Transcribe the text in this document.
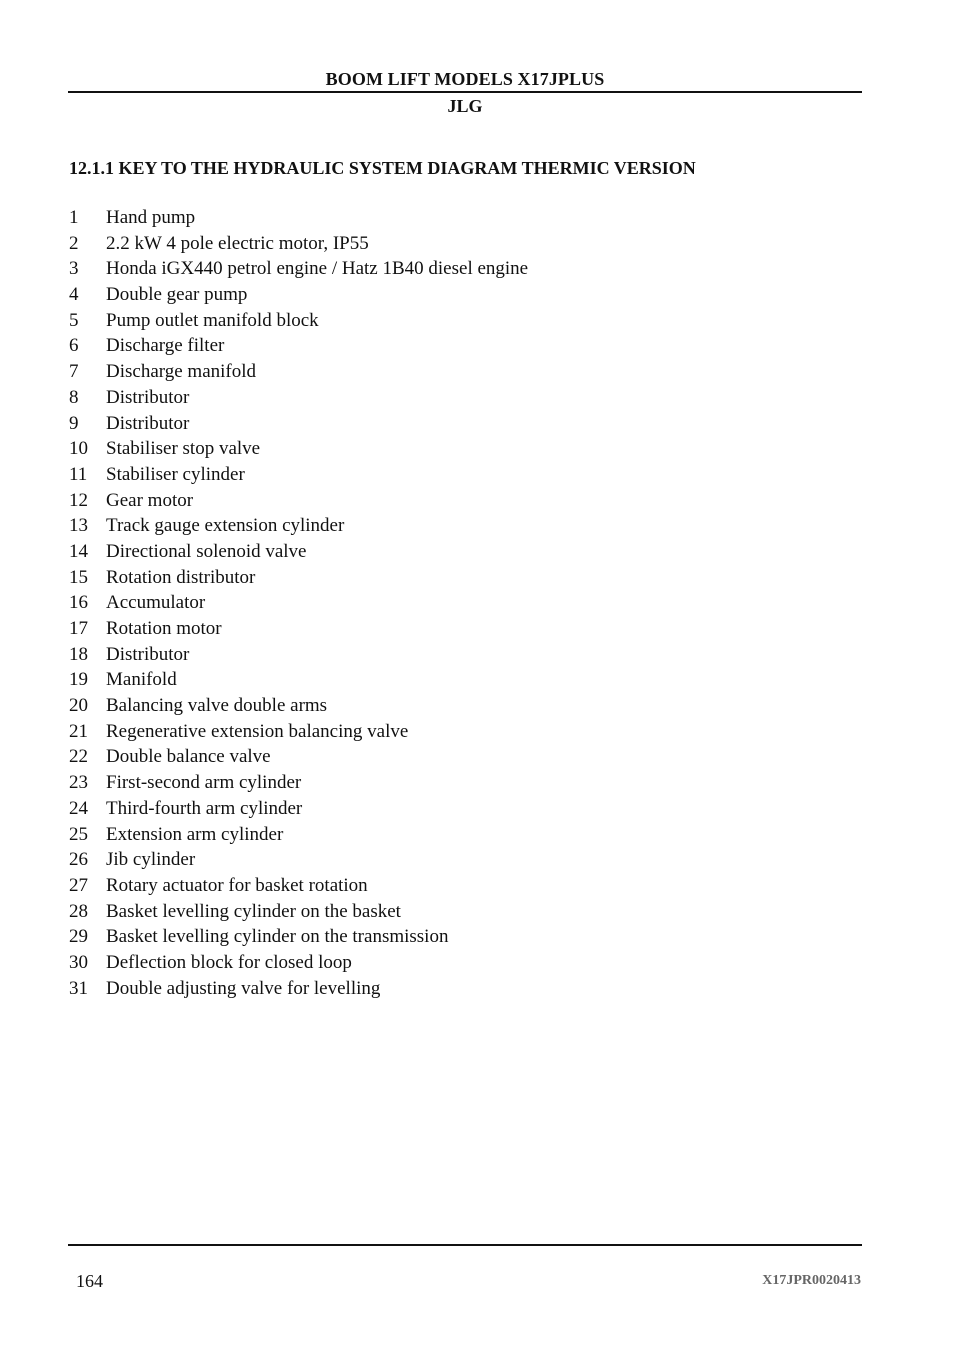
BOOM LIFT MODELS X17JPLUS
JLG
12.1.1 KEY TO THE HYDRAULIC SYSTEM DIAGRAM THERMIC VERSION
1	Hand pump
2	2.2 kW 4 pole electric motor, IP55
3	Honda iGX440 petrol engine / Hatz 1B40 diesel engine
4	Double gear pump
5	Pump outlet manifold block
6	Discharge filter
7	Discharge manifold
8	Distributor
9	Distributor
10 Stabiliser stop valve
11 Stabiliser cylinder
12 Gear motor
13 Track gauge extension cylinder
14 Directional solenoid valve
15 Rotation distributor
16 Accumulator
17 Rotation motor
18 Distributor
19 Manifold
20 Balancing valve double arms
21 Regenerative extension balancing valve
22 Double balance valve
23 First-second arm cylinder
24 Third-fourth arm cylinder
25 Extension arm cylinder
26 Jib cylinder
27 Rotary actuator for basket rotation
28 Basket levelling cylinder on the basket
29 Basket levelling cylinder on the transmission
30 Deflection block for closed loop
31 Double adjusting valve for levelling
164	X17JPR0020413
